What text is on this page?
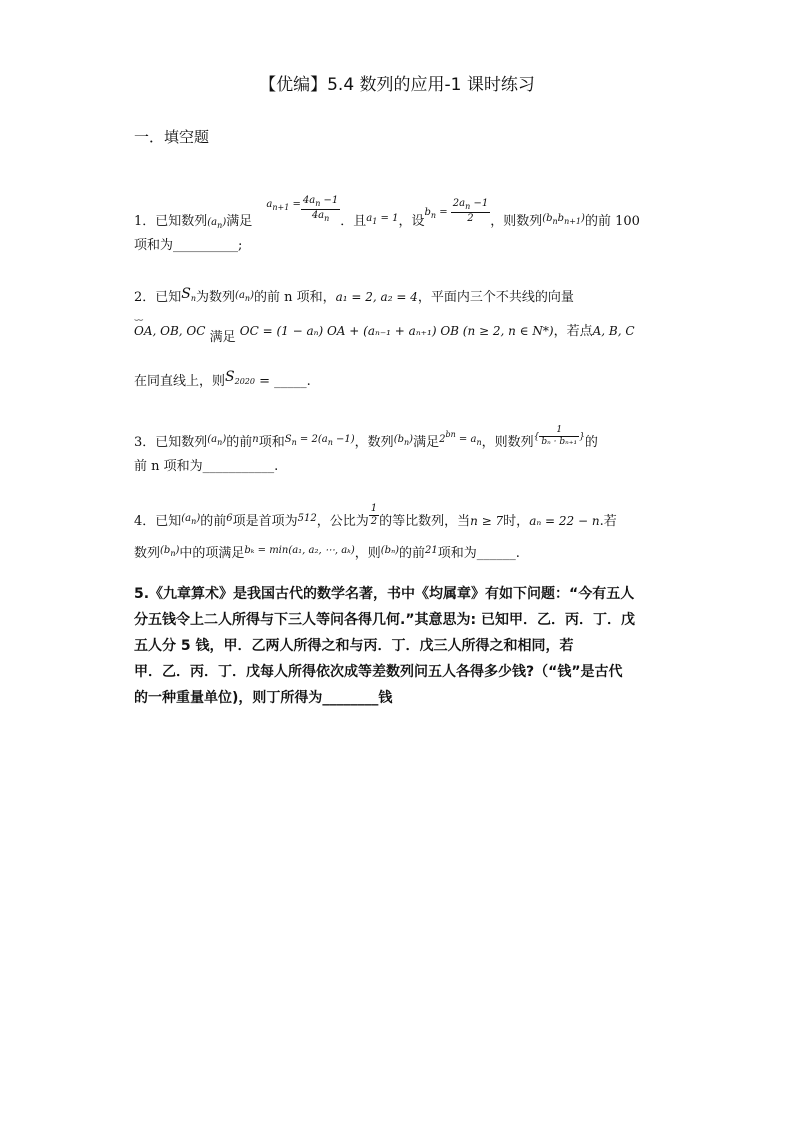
【优编】5.4 数列的应用-1 课时练习
一．填空题
1．已知数列$(a_n)$满足 $a_{n+1} = \frac{4a_n -1}{4a_n}$ ．且$^{a_1 = 1}$，设$^{b_n =} \frac{2a_n -1}{2}$ ，则数列$^{(b_nb_{n+1})}$的前 100
项和为__________;
2．已知$S_n$为数列$^{(a_n)}$的前 n 项和，a₁ = 2, a₂ = 4，平面内三个不共线的向量
⌣⌣ OA, OB, OC 满足 OC = (1 − aₙ) OA + (aₙ₋₁ + aₙ₊₁) OB (n ≥ 2, n ∈ N*)，若点A, B, C
在同直线上，则$S_{2020}$ = _____.
3．已知数列$^{(a_n)}$的前$^n$项和$^{S_n = 2(a_n -1)}$，数列$^{(b_n)}$满足$^{2^{bn} = a_n}$，则数列{ $\frac{1}{\text{bₙ · bₙ₊₁}}$ }的
前 n 项和为___________.
4．已知$^{(a_n)}$的前$^6$项是首项为$^{512}$，公比为 $\frac{1}{2}$ 的等比数列，当n ≥ 7时，aₙ = 22 − n.若
数列$^{(b_n)}$中的项满足$^{b_k = min(a_1, a_2, \cdots, a_k)}$，则$^{(b_n)}$的前$^{21}$项和为______.
5.《九章算术》是我国古代的数学名著，书中《均属章》有如下问题：“今有五人
分五钱令上二人所得与下三人等问各得几何.”其意思为: 已知甲．乙．丙．丁．戊
五人分 5 钱，甲．乙两人所得之和与丙．丁．戊三人所得之和相同，若
甲．乙．丙．丁．戊每人所得依次成等差数列问五人各得多少钱?（“钱”是古代
的一种重量单位)，则丁所得为________钱
